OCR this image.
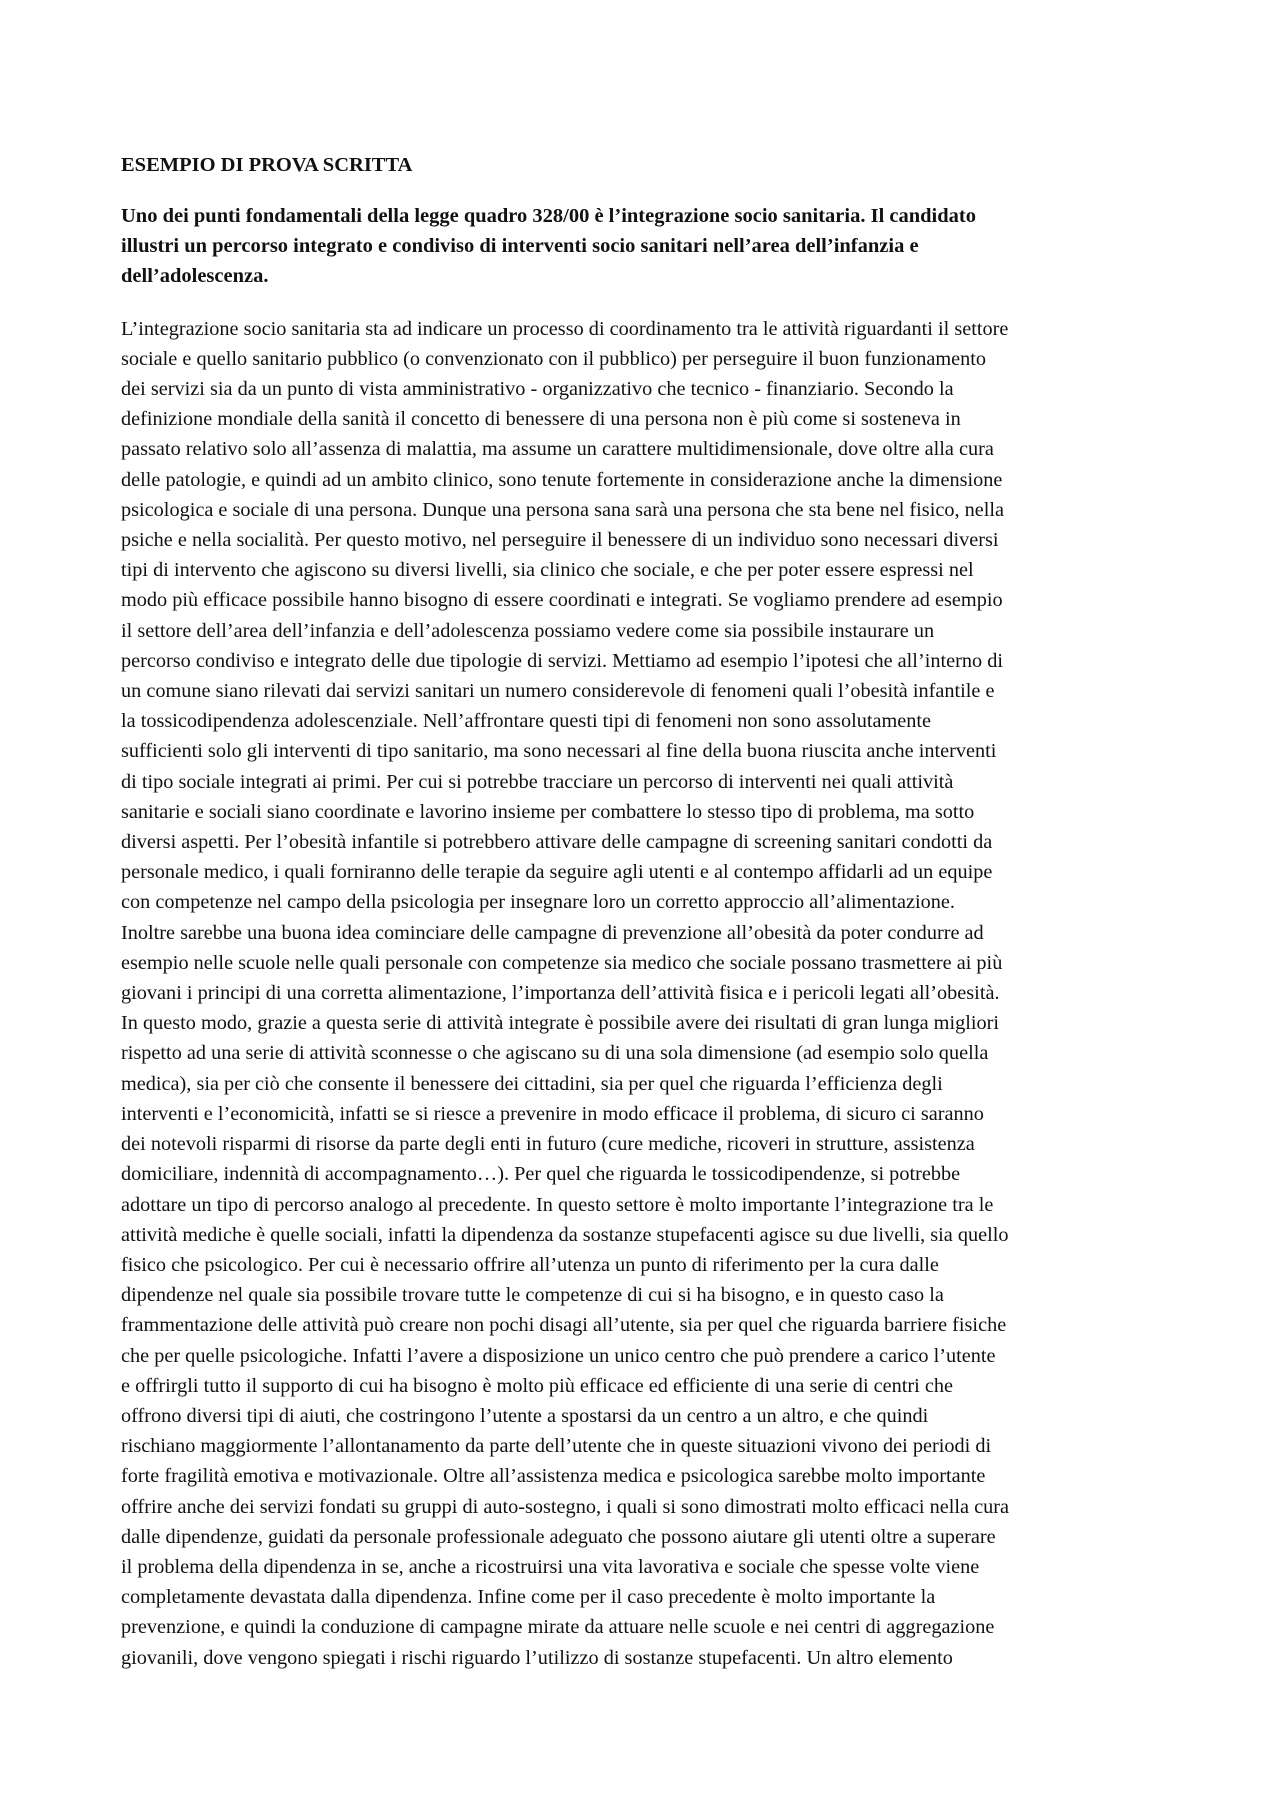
ESEMPIO DI PROVA SCRITTA
Uno dei punti fondamentali della legge quadro 328/00 è l’integrazione socio sanitaria. Il candidato
illustri un percorso integrato e condiviso di interventi socio sanitari nell’area dell’infanzia e
dell’adolescenza.
L’integrazione socio sanitaria sta ad indicare un processo di coordinamento tra le attività riguardanti il settore
sociale e quello sanitario pubblico (o convenzionato con il pubblico) per perseguire il buon funzionamento
dei servizi sia da un punto di vista amministrativo - organizzativo che tecnico - finanziario. Secondo la
definizione mondiale della sanità il concetto di benessere di una persona non è più come si sosteneva in
passato relativo solo all’assenza di malattia, ma assume un carattere multidimensionale, dove oltre alla cura
delle patologie, e quindi ad un ambito clinico, sono tenute fortemente in considerazione anche la dimensione
psicologica e sociale di una persona. Dunque una persona sana sarà una persona che sta bene nel fisico, nella
psiche e nella socialità. Per questo motivo, nel perseguire il benessere di un individuo sono necessari diversi
tipi di intervento che agiscono su diversi livelli, sia clinico che sociale, e che per poter essere espressi nel
modo più efficace possibile hanno bisogno di essere coordinati e integrati. Se vogliamo prendere ad esempio
il settore dell’area dell’infanzia e dell’adolescenza possiamo vedere come sia possibile instaurare un
percorso condiviso e integrato delle due tipologie di servizi. Mettiamo ad esempio l’ipotesi che all’interno di
un comune siano rilevati dai servizi sanitari un numero considerevole di fenomeni quali l’obesità infantile e
la tossicodipendenza adolescenziale. Nell’affrontare questi tipi di fenomeni non sono assolutamente
sufficienti solo gli interventi di tipo sanitario, ma sono necessari al fine della buona riuscita anche interventi
di tipo sociale integrati ai primi. Per cui si potrebbe tracciare un percorso di interventi nei quali attività
sanitarie e sociali siano coordinate e lavorino insieme per combattere lo stesso tipo di problema, ma sotto
diversi aspetti. Per l’obesità infantile si potrebbero attivare delle campagne di screening sanitari condotti da
personale medico, i quali forniranno delle terapie da seguire agli utenti e al contempo affidarli ad un equipe
con competenze nel campo della psicologia per insegnare loro un corretto approccio all’alimentazione.
Inoltre sarebbe una buona idea cominciare delle campagne di prevenzione all’obesità da poter condurre ad
esempio nelle scuole nelle quali personale con competenze sia medico che sociale possano trasmettere ai più
giovani i principi di una corretta alimentazione, l’importanza dell’attività fisica e i pericoli legati all’obesità.
In questo modo, grazie a questa serie di attività integrate è possibile avere dei risultati di gran lunga migliori
rispetto ad una serie di attività sconnesse o che agiscano su di una sola dimensione (ad esempio solo quella
medica), sia per ciò che consente il benessere dei cittadini, sia per quel che riguarda l’efficienza degli
interventi e l’economicità, infatti se si riesce a prevenire in modo efficace il problema, di sicuro ci saranno
dei notevoli risparmi di risorse da parte degli enti in futuro (cure mediche, ricoveri in strutture, assistenza
domiciliare, indennità di accompagnamento…). Per quel che riguarda le tossicodipendenze, si potrebbe
adottare un tipo di percorso analogo al precedente. In questo settore è molto importante l’integrazione tra le
attività mediche è quelle sociali, infatti la dipendenza da sostanze stupefacenti agisce su due livelli, sia quello
fisico che psicologico. Per cui è necessario offrire all’utenza un punto di riferimento per la cura dalle
dipendenze nel quale sia possibile trovare tutte le competenze di cui si ha bisogno, e in questo caso la
frammentazione delle attività può creare non pochi disagi all’utente, sia per quel che riguarda barriere fisiche
che per quelle psicologiche. Infatti l’avere a disposizione un unico centro che può prendere a carico l’utente
e offrirgli tutto il supporto di cui ha bisogno è molto più efficace ed efficiente di una serie di centri che
offrono diversi tipi di aiuti, che costringono l’utente a spostarsi da un centro a un altro, e che quindi
rischiano maggiormente l’allontanamento da parte dell’utente che in queste situazioni vivono dei periodi di
forte fragilità emotiva e motivazionale. Oltre all’assistenza medica e psicologica sarebbe molto importante
offrire anche dei servizi fondati su gruppi di auto-sostegno, i quali si sono dimostrati molto efficaci nella cura
dalle dipendenze, guidati da personale professionale adeguato che possono aiutare gli utenti oltre a superare
il problema della dipendenza in se, anche a ricostruirsi una vita lavorativa e sociale che spesse volte viene
completamente devastata dalla dipendenza. Infine come per il caso precedente è molto importante la
prevenzione, e quindi la conduzione di campagne mirate da attuare nelle scuole e nei centri di aggregazione
giovanili, dove vengono spiegati i rischi riguardo l’utilizzo di sostanze stupefacenti. Un altro elemento
